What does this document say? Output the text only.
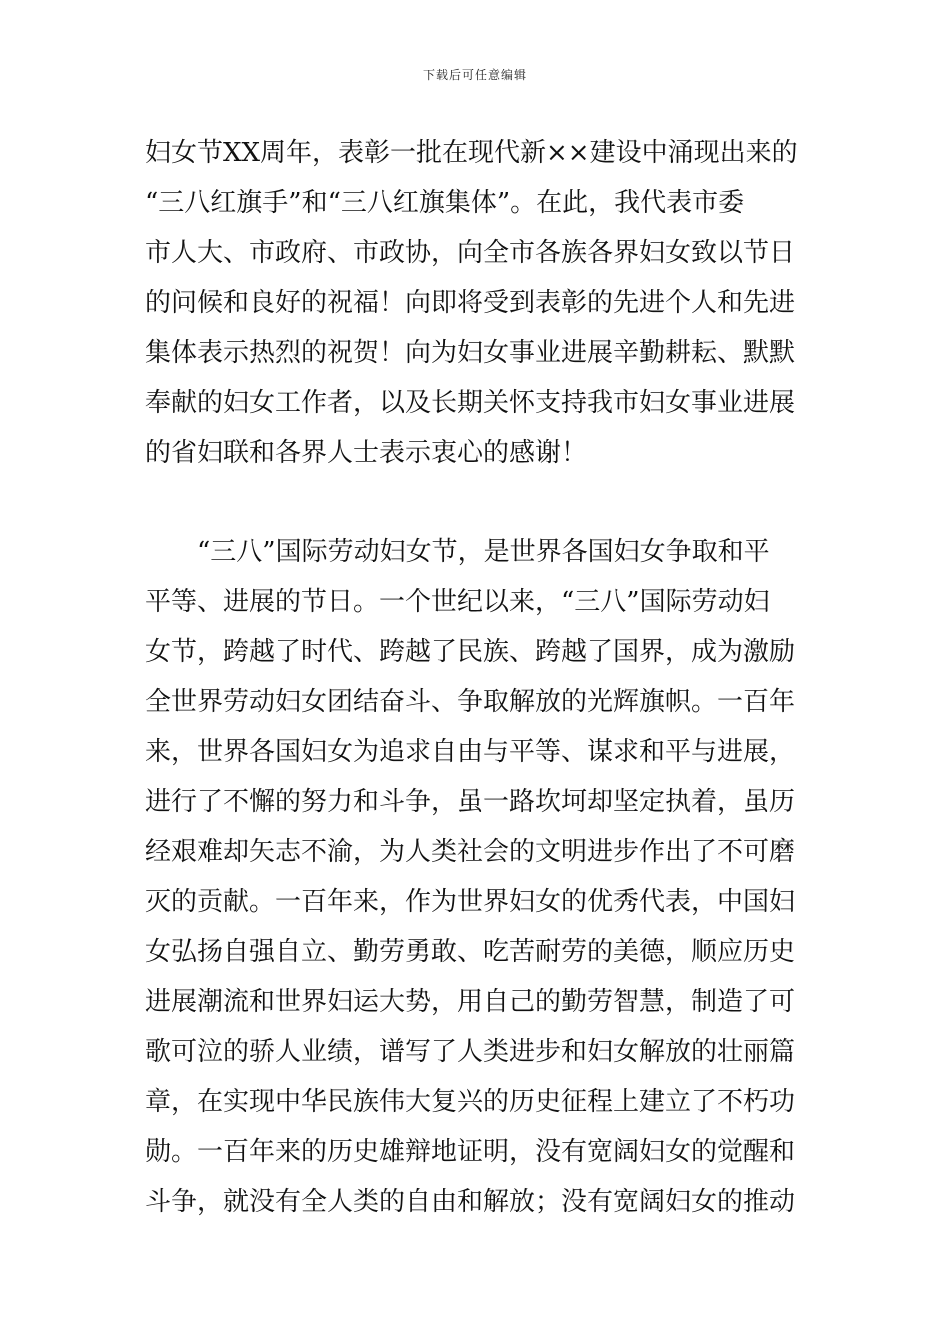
下载后可任意编辑
妇女节XX周年，表彰一批在现代新××建设中涌现出来的
“三八红旗手”和“三八红旗集体”。在此，我代表市委
市人大、市政府、市政协，向全市各族各界妇女致以节日
的问候和良好的祝福！向即将受到表彰的先进个人和先进
集体表示热烈的祝贺！向为妇女事业进展辛勤耕耘、默默
奉献的妇女工作者，以及长期关怀支持我市妇女事业进展
的省妇联和各界人士表示衷心的感谢！
“三八”国际劳动妇女节，是世界各国妇女争取和平
平等、进展的节日。一个世纪以来，“三八”国际劳动妇
女节，跨越了时代、跨越了民族、跨越了国界，成为激励
全世界劳动妇女团结奋斗、争取解放的光辉旗帜。一百年
来，世界各国妇女为追求自由与平等、谋求和平与进展，
进行了不懈的努力和斗争，虽一路坎坷却坚定执着，虽历
经艰难却矢志不渝，为人类社会的文明进步作出了不可磨
灭的贡献。一百年来，作为世界妇女的优秀代表，中国妇
女弘扬自强自立、勤劳勇敢、吃苦耐劳的美德，顺应历史
进展潮流和世界妇运大势，用自己的勤劳智慧，制造了可
歌可泣的骄人业绩，谱写了人类进步和妇女解放的壮丽篇
章，在实现中华民族伟大复兴的历史征程上建立了不朽功
勋。一百年来的历史雄辩地证明，没有宽阔妇女的觉醒和
斗争，就没有全人类的自由和解放；没有宽阔妇女的推动
